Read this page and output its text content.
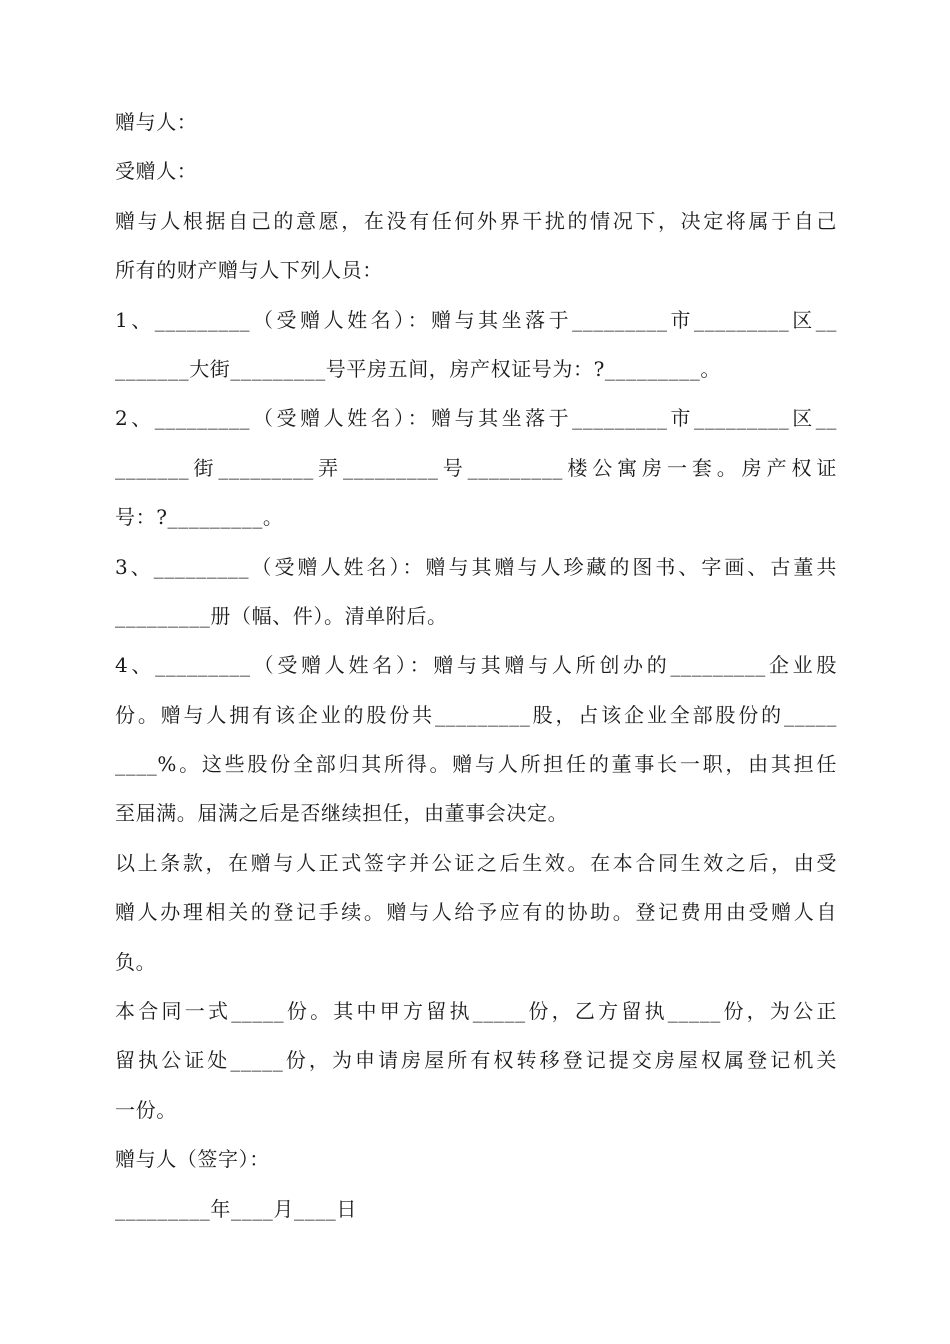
赠与人：
受赠人：
赠与人根据自己的意愿，在没有任何外界干扰的情况下，决定将属于自己
所有的财产赠与人下列人员：
1、_________（受赠人姓名）：赠与其坐落于_________市_________区__
_______大街_________号平房五间，房产权证号为：?_________。
2、_________（受赠人姓名）：赠与其坐落于_________市_________区__
_______街_________弄_________号_________楼公寓房一套。房产权证
号：?_________。
3、_________（受赠人姓名）：赠与其赠与人珍藏的图书、字画、古董共
_________册（幅、件）。清单附后。
4、_________（受赠人姓名）：赠与其赠与人所创办的_________企业股
份。赠与人拥有该企业的股份共_________股，占该企业全部股份的_____
____%。这些股份全部归其所得。赠与人所担任的董事长一职，由其担任
至届满。届满之后是否继续担任，由董事会决定。
以上条款，在赠与人正式签字并公证之后生效。在本合同生效之后，由受
赠人办理相关的登记手续。赠与人给予应有的协助。登记费用由受赠人自
负。
本合同一式_____份。其中甲方留执_____份，乙方留执_____份，为公正
留执公证处_____份，为申请房屋所有权转移登记提交房屋权属登记机关
一份。
赠与人（签字）：
_________年____月____日
